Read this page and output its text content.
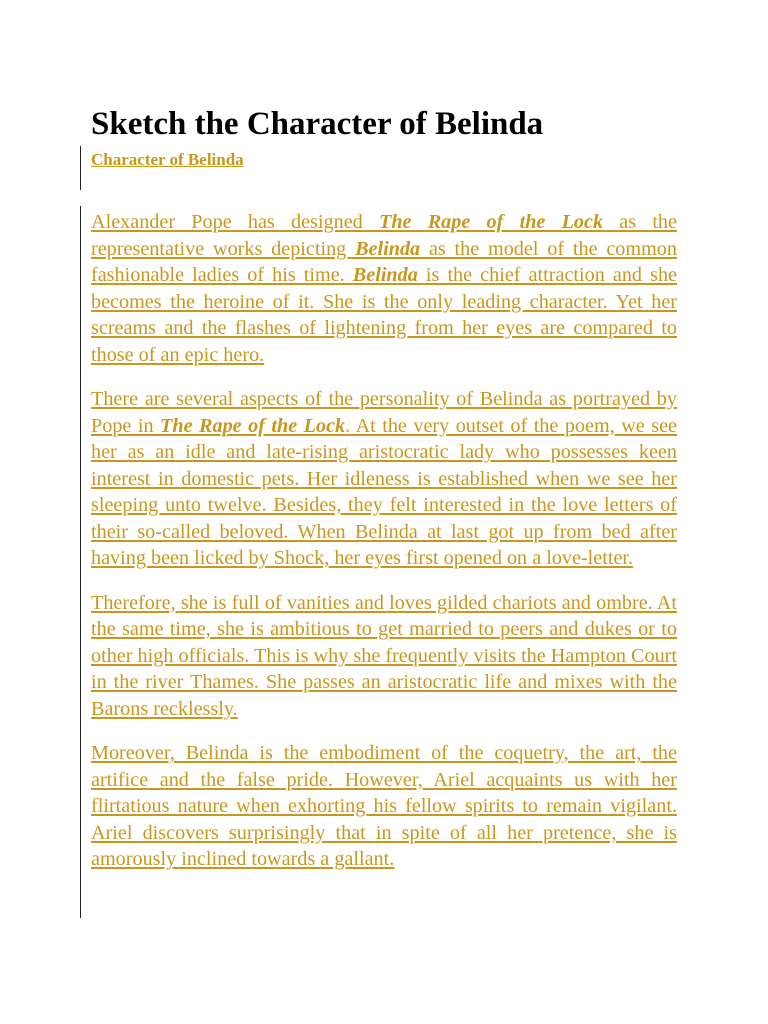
Sketch the Character of Belinda
Character of Belinda

Alexander Pope has designed The Rape of the Lock as the representative works depicting Belinda as the model of the common fashionable ladies of his time. Belinda is the chief attraction and she becomes the heroine of it. She is the only leading character. Yet her screams and the flashes of lightening from her eyes are compared to those of an epic hero.

There are several aspects of the personality of Belinda as portrayed by Pope in The Rape of the Lock. At the very outset of the poem, we see her as an idle and late-rising aristocratic lady who possesses keen interest in domestic pets. Her idleness is established when we see her sleeping unto twelve. Besides, they felt interested in the love letters of their so-called beloved. When Belinda at last got up from bed after having been licked by Shock, her eyes first opened on a love-letter.

Therefore, she is full of vanities and loves gilded chariots and ombre. At the same time, she is ambitious to get married to peers and dukes or to other high officials. This is why she frequently visits the Hampton Court in the river Thames. She passes an aristocratic life and mixes with the Barons recklessly.

Moreover, Belinda is the embodiment of the coquetry, the art, the artifice and the false pride. However, Ariel acquaints us with her flirtatious nature when exhorting his fellow spirits to remain vigilant. Ariel discovers surprisingly that in spite of all her pretence, she is amorously inclined towards a gallant.
